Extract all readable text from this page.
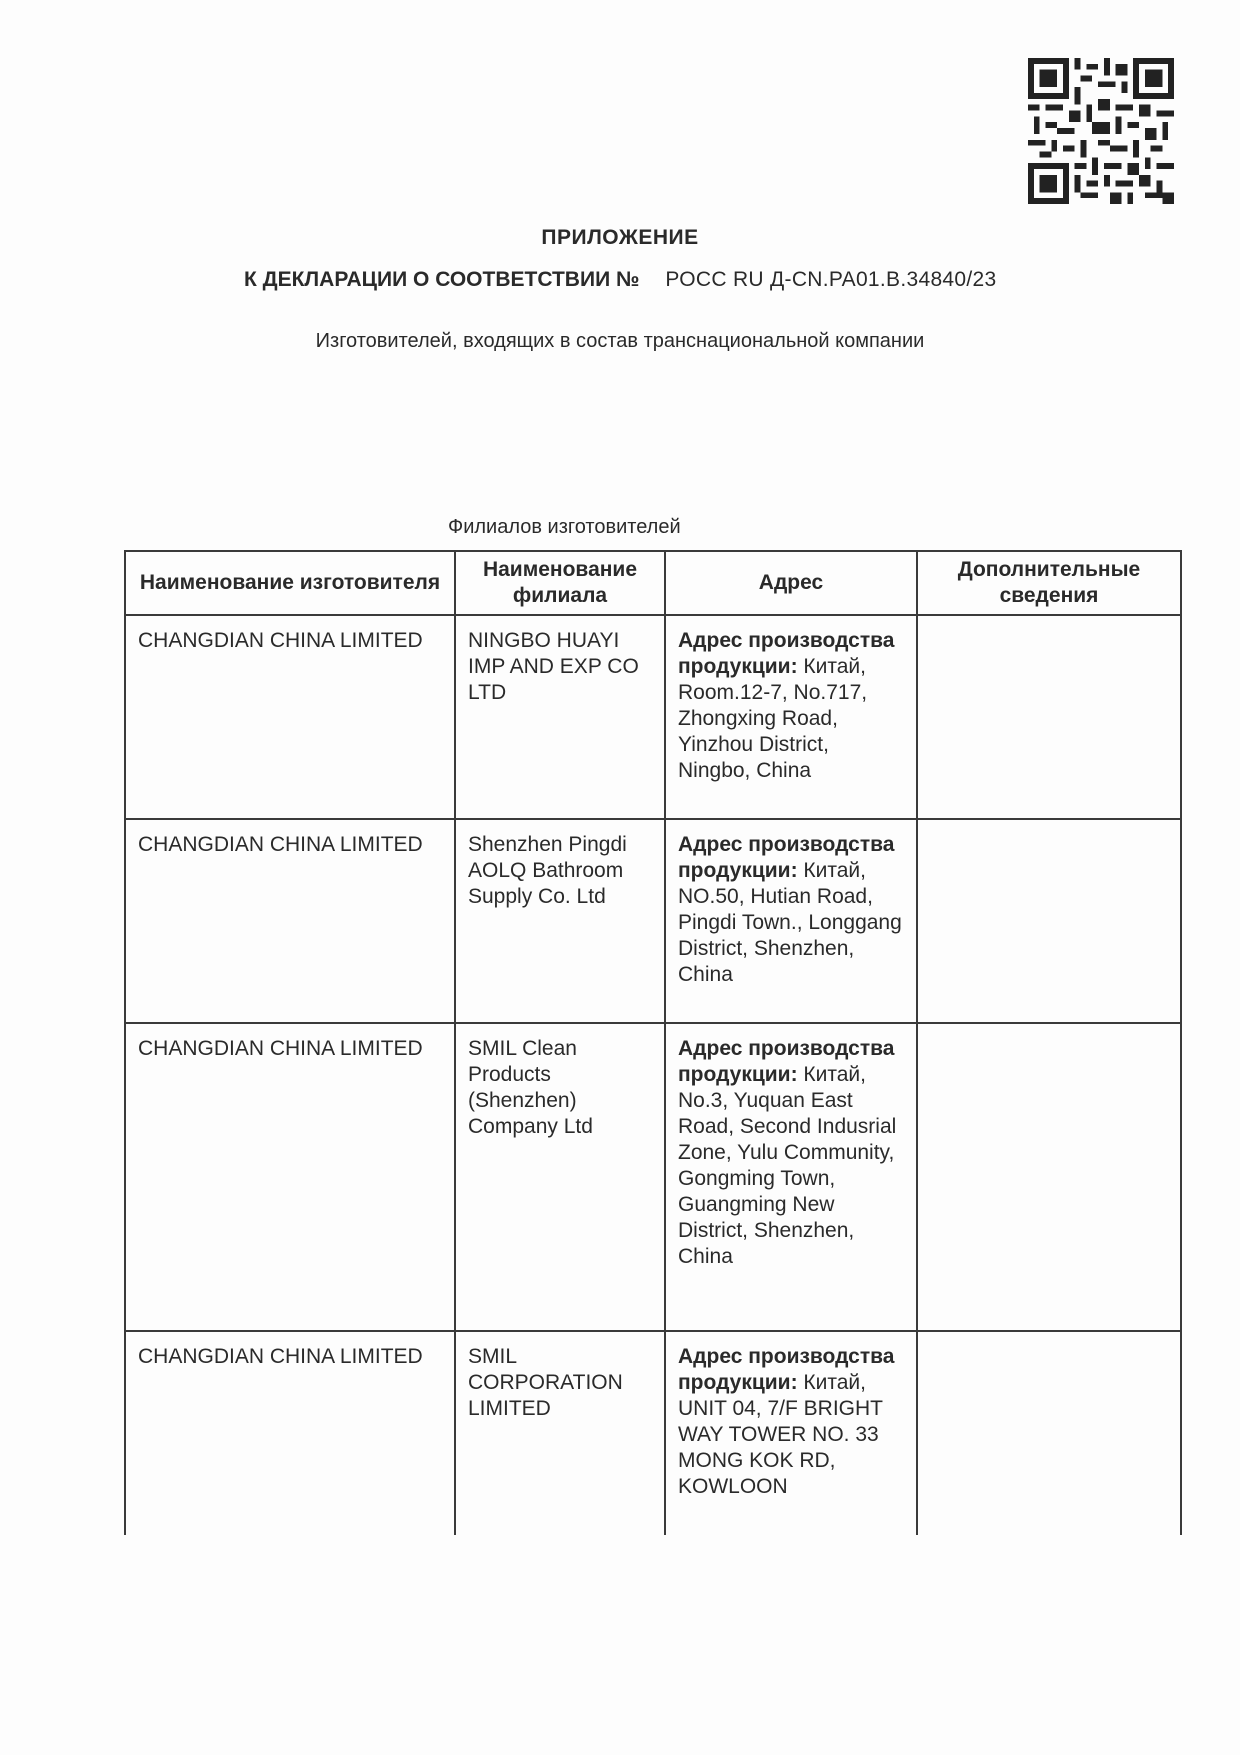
ПРИЛОЖЕНИЕ
К ДЕКЛАРАЦИИ О СООТВЕТСТВИИ № РОСС RU Д-CN.PA01.B.34840/23
Изготовителей, входящих в состав транснациональной компании
Филиалов изготовителей
Наименование изготовителя	Наименование филиала	Адрес	Дополнительные сведения
CHANGDIAN CHINA LIMITED	NINGBO HUAYI IMP AND EXP CO LTD	Адрес производства продукции: Китай, Room.12-7, No.717, Zhongxing Road, Yinzhou District, Ningbo, China	
CHANGDIAN CHINA LIMITED	Shenzhen Pingdi AOLQ Bathroom Supply Co. Ltd	Адрес производства продукции: Китай, NO.50, Hutian Road, Pingdi Town., Longgang District, Shenzhen, China	
CHANGDIAN CHINA LIMITED	SMIL Clean Products (Shenzhen) Company Ltd	Адрес производства продукции: Китай, No.3, Yuquan East Road, Second Indusrial Zone, Yulu Community, Gongming Town, Guangming New District, Shenzhen, China	
CHANGDIAN CHINA LIMITED	SMIL CORPORATION LIMITED	Адрес производства продукции: Китай, UNIT 04, 7/F BRIGHT WAY TOWER NO. 33 MONG KOK RD, KOWLOON	
